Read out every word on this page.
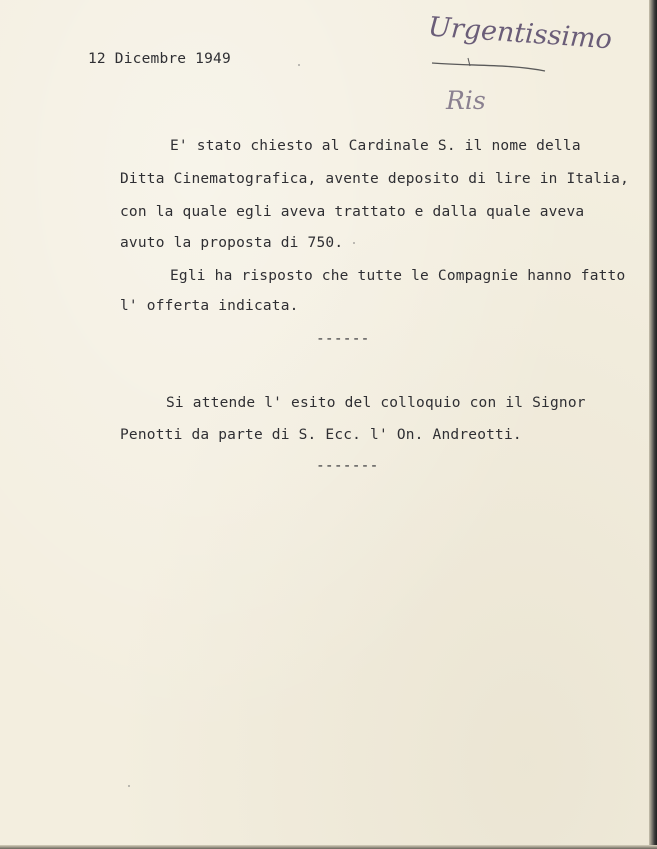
12 Dicembre 1949
Urgentissimo
Ris
E' stato chiesto al Cardinale S. il nome della
Ditta Cinematografica, avente deposito di lire in Italia,
con la quale egli aveva trattato e dalla quale aveva
avuto la proposta di 750.
Egli ha risposto che tutte le Compagnie hanno fatto
l' offerta indicata.
------
Si attende l' esito del colloquio con il Signor
Penotti da parte di S. Ecc. l' On. Andreotti.
-------
